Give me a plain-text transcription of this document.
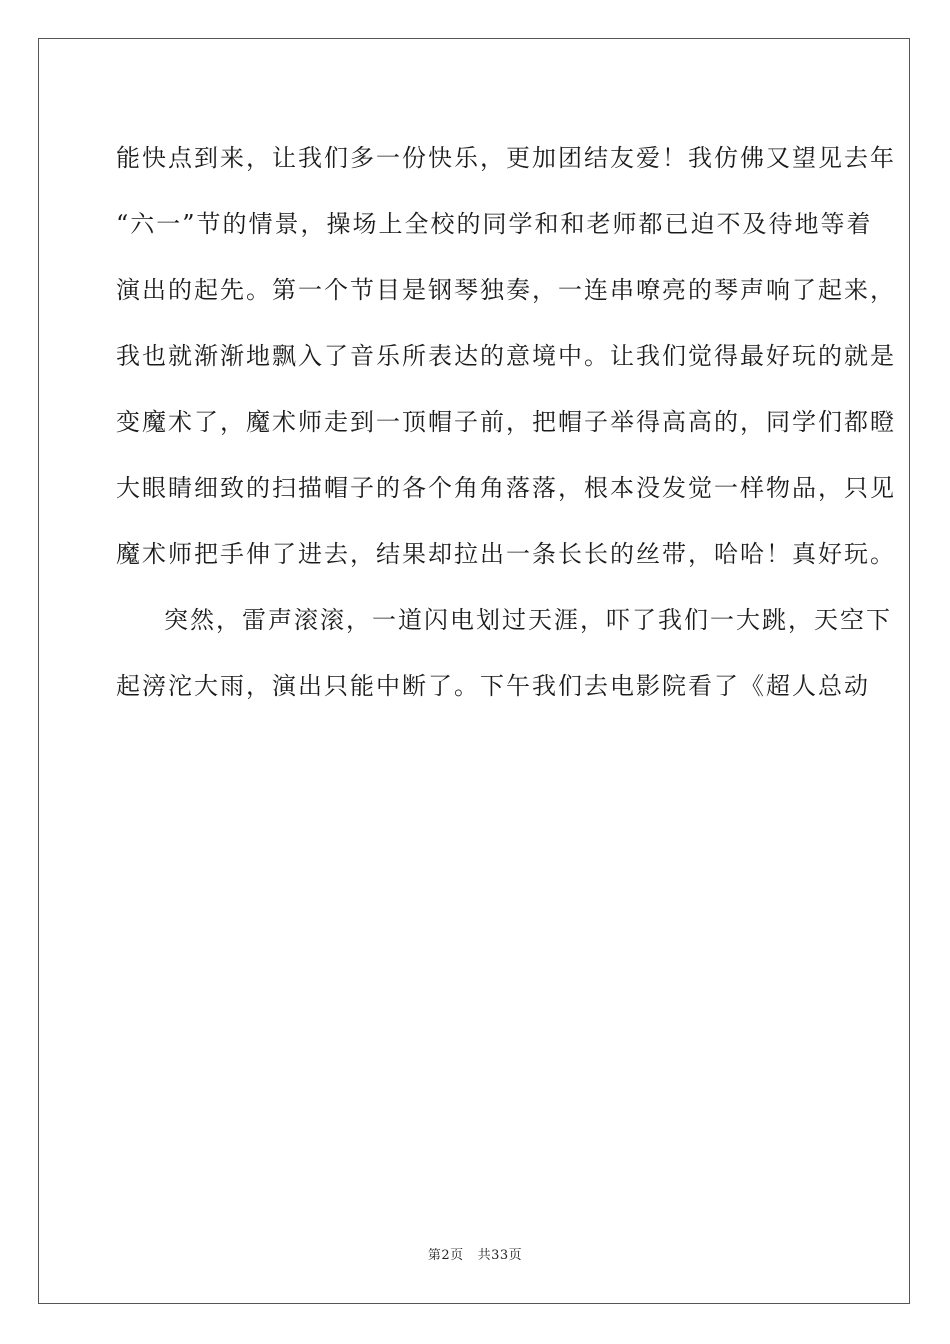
能快点到来，让我们多一份快乐，更加团结友爱！我仿佛又望见去年
“六一”节的情景，操场上全校的同学和和老师都已迫不及待地等着
演出的起先。第一个节目是钢琴独奏，一连串嘹亮的琴声响了起来，
我也就渐渐地飘入了音乐所表达的意境中。让我们觉得最好玩的就是
变魔术了，魔术师走到一顶帽子前，把帽子举得高高的，同学们都瞪
大眼睛细致的扫描帽子的各个角角落落，根本没发觉一样物品，只见
魔术师把手伸了进去，结果却拉出一条长长的丝带，哈哈！真好玩。
突然，雷声滚滚，一道闪电划过天涯，吓了我们一大跳，天空下
起滂沱大雨，演出只能中断了。下午我们去电影院看了《超人总动
第2页 共33页
